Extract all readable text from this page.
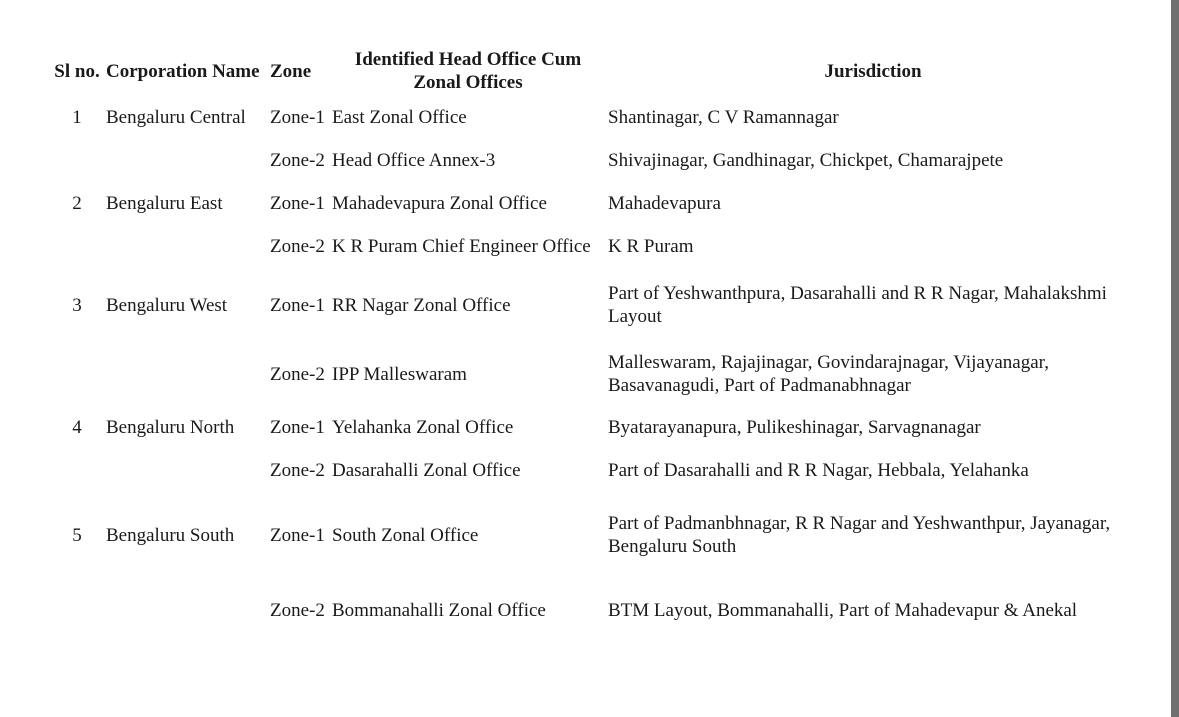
Sl no.	Corporation Name	Zone	Identified Head Office Cum Zonal Offices	Jurisdiction
1	Bengaluru Central	Zone-1	East Zonal Office	Shantinagar, C V Ramannagar
		Zone-2	Head Office Annex-3	Shivajinagar, Gandhinagar, Chickpet, Chamarajpete
2	Bengaluru East	Zone-1	Mahadevapura Zonal Office	Mahadevapura
		Zone-2	K R Puram Chief Engineer Office	K R Puram
3	Bengaluru West	Zone-1	RR Nagar Zonal Office	Part of Yeshwanthpura, Dasarahalli and R R Nagar, Mahalakshmi Layout
		Zone-2	IPP Malleswaram	Malleswaram, Rajajinagar, Govindarajnagar, Vijayanagar, Basavanagudi, Part of Padmanabhnagar
4	Bengaluru North	Zone-1	Yelahanka Zonal Office	Byatarayanapura, Pulikeshinagar, Sarvagnanagar
		Zone-2	Dasarahalli Zonal Office	Part of Dasarahalli and R R Nagar, Hebbala, Yelahanka
5	Bengaluru South	Zone-1	South Zonal Office	Part of Padmanbhnagar, R R Nagar and Yeshwanthpur, Jayanagar, Bengaluru South
		Zone-2	Bommanahalli Zonal Office	BTM Layout, Bommanahalli, Part of Mahadevapur & Anekal
